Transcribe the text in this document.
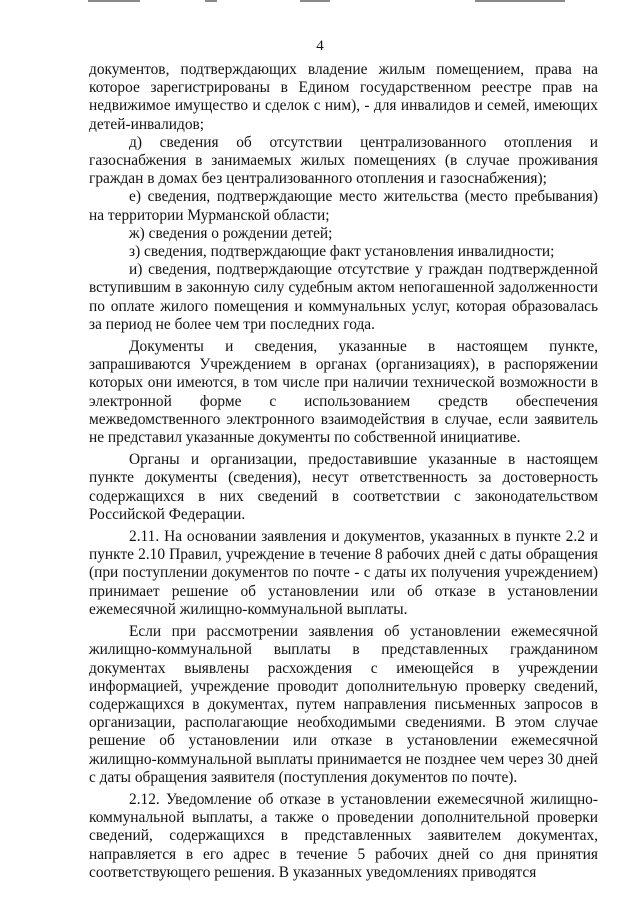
4

документов, подтверждающих владение жилым помещением, права на которое зарегистрированы в Едином государственном реестре прав на недвижимое имущество и сделок с ним), - для инвалидов и семей, имеющих детей-инвалидов;

д) сведения об отсутствии централизованного отопления и газоснабжения в занимаемых жилых помещениях (в случае проживания граждан в домах без централизованного отопления и газоснабжения);

е) сведения, подтверждающие место жительства (место пребывания) на территории Мурманской области;

ж) сведения о рождении детей;

з) сведения, подтверждающие факт установления инвалидности;

и) сведения, подтверждающие отсутствие у граждан подтвержденной вступившим в законную силу судебным актом непогашенной задолженности по оплате жилого помещения и коммунальных услуг, которая образовалась за период не более чем три последних года.

Документы и сведения, указанные в настоящем пункте, запрашиваются Учреждением в органах (организациях), в распоряжении которых они имеются, в том числе при наличии технической возможности в электронной форме с использованием средств обеспечения межведомственного электронного взаимодействия в случае, если заявитель не представил указанные документы по собственной инициативе.

Органы и организации, предоставившие указанные в настоящем пункте документы (сведения), несут ответственность за достоверность содержащихся в них сведений в соответствии с законодательством Российской Федерации.

2.11. На основании заявления и документов, указанных в пункте 2.2 и пункте 2.10 Правил, учреждение в течение 8 рабочих дней с даты обращения (при поступлении документов по почте - с даты их получения учреждением) принимает решение об установлении или об отказе в установлении ежемесячной жилищно-коммунальной выплаты.

Если при рассмотрении заявления об установлении ежемесячной жилищно-коммунальной выплаты в представленных гражданином документах выявлены расхождения с имеющейся в учреждении информацией, учреждение проводит дополнительную проверку сведений, содержащихся в документах, путем направления письменных запросов в организации, располагающие необходимыми сведениями. В этом случае решение об установлении или отказе в установлении ежемесячной жилищно-коммунальной выплаты принимается не позднее чем через 30 дней с даты обращения заявителя (поступления документов по почте).

2.12. Уведомление об отказе в установлении ежемесячной жилищно-коммунальной выплаты, а также о проведении дополнительной проверки сведений, содержащихся в представленных заявителем документах, направляется в его адрес в течение 5 рабочих дней со дня принятия соответствующего решения. В указанных уведомлениях приводятся
